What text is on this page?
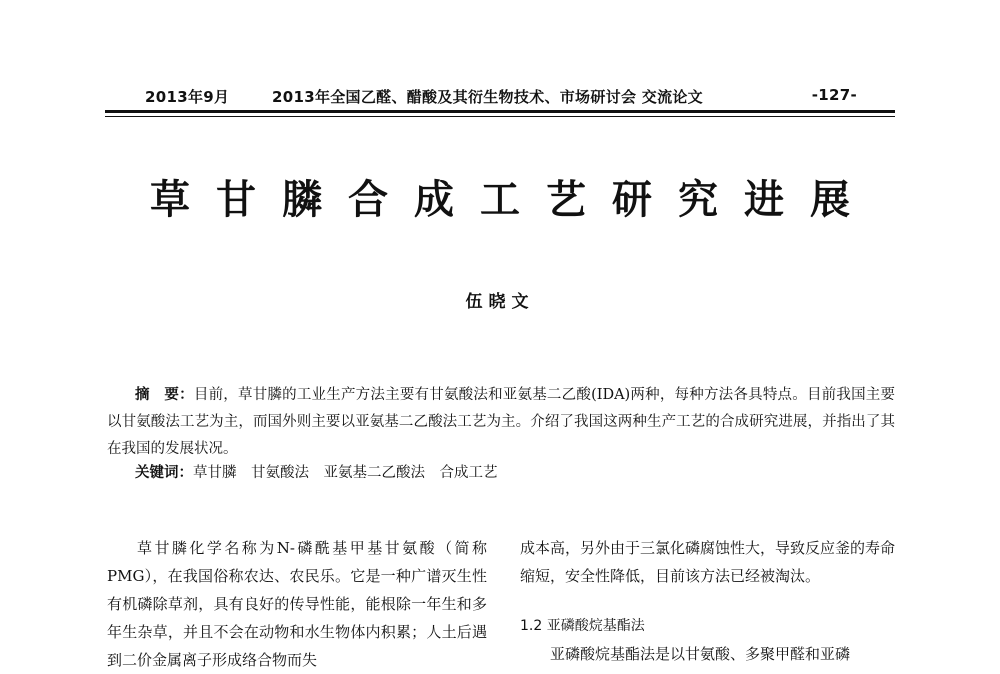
2013年9月	2013年全国乙醛、醋酸及其衍生物技术、市场研讨会 交流论文	-127-
草甘膦合成工艺研究进展
伍晓文

摘　要：目前，草甘膦的工业生产方法主要有甘氨酸法和亚氨基二乙酸(IDA)两种，每种方法各具特点。目前我国主要以甘氨酸法工艺为主，而国外则主要以亚氨基二乙酸法工艺为主。介绍了我国这两种生产工艺的合成研究进展，并指出了其在我国的发展状况。

关键词：草甘膦　甘氨酸法　亚氨基二乙酸法　合成工艺

草甘膦化学名称为N-磷酰基甲基甘氨酸（简称PMG），在我国俗称农达、农民乐。它是一种广谱灭生性有机磷除草剂，具有良好的传导性能，能根除一年生和多年生杂草，并且不会在动物和水生物体内积累；人土后遇到二价金属离子形成络合物而失

成本高，另外由于三氯化磷腐蚀性大，导致反应釜的寿命缩短，安全性降低，目前该方法已经被淘汰。

1.2 亚磷酸烷基酯法

亚磷酸烷基酯法是以甘氨酸、多聚甲醛和亚磷
